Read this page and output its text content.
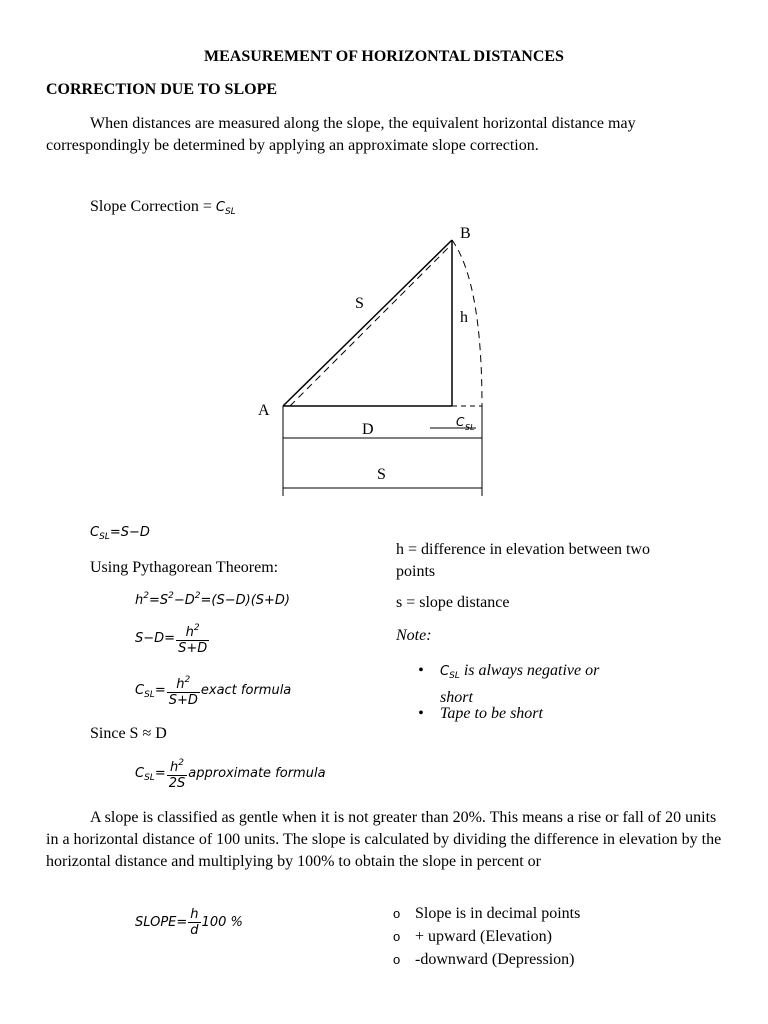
MEASUREMENT OF HORIZONTAL DISTANCES
CORRECTION DUE TO SLOPE

When distances are measured along the slope, the equivalent horizontal distance may correspondingly be determined by applying an approximate slope correction.

Slope Correction = $C_{SL}$
A
B
S
h
D
S
C SL
$C_{SL}=S-D$
Using Pythagorean Theorem:
$h^2=S^2-D^2=(S-D)(S+D)$
$S-D= \frac{h^2}{S+D}$
$C_{SL}= \frac{h^2}{S+D}$ exact formula
Since S ≈ D
$C_{SL}= \frac{h^2}{2S}$ approximate formula
h = difference in elevation between two points
s = slope distance
Note:
• $C_{SL}$ is always negative or short
• Tape to be short

A slope is classified as gentle when it is not greater than 20%. This means a rise or fall of 20 units in a horizontal distance of 100 units. The slope is calculated by dividing the difference in elevation by the horizontal distance and multiplying by 100% to obtain the slope in percent or

SLOPE= $\frac{h}{d} 100$ %
o Slope is in decimal points
o + upward (Elevation)
o -downward (Depression)
